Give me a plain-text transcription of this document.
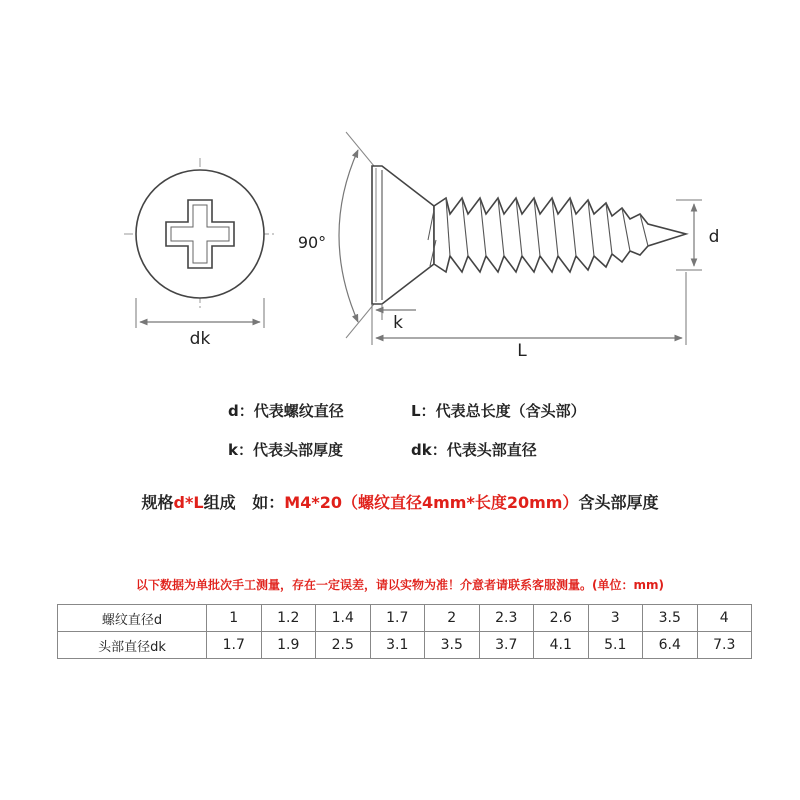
dk
90°	d
k
L
d：代表螺纹直径	L：代表总长度（含头部）
k：代表头部厚度	dk：代表头部直径
规格d*L组成   如：M4*20（螺纹直径4mm*长度20mm）含头部厚度
以下数据为单批次手工测量，存在一定误差，请以实物为准！介意者请联系客服测量。(单位：mm)
螺纹直径d	1	1.2	1.4	1.7	2	2.3	2.6	3	3.5	4
头部直径dk	1.7	1.9	2.5	3.1	3.5	3.7	4.1	5.1	6.4	7.3
